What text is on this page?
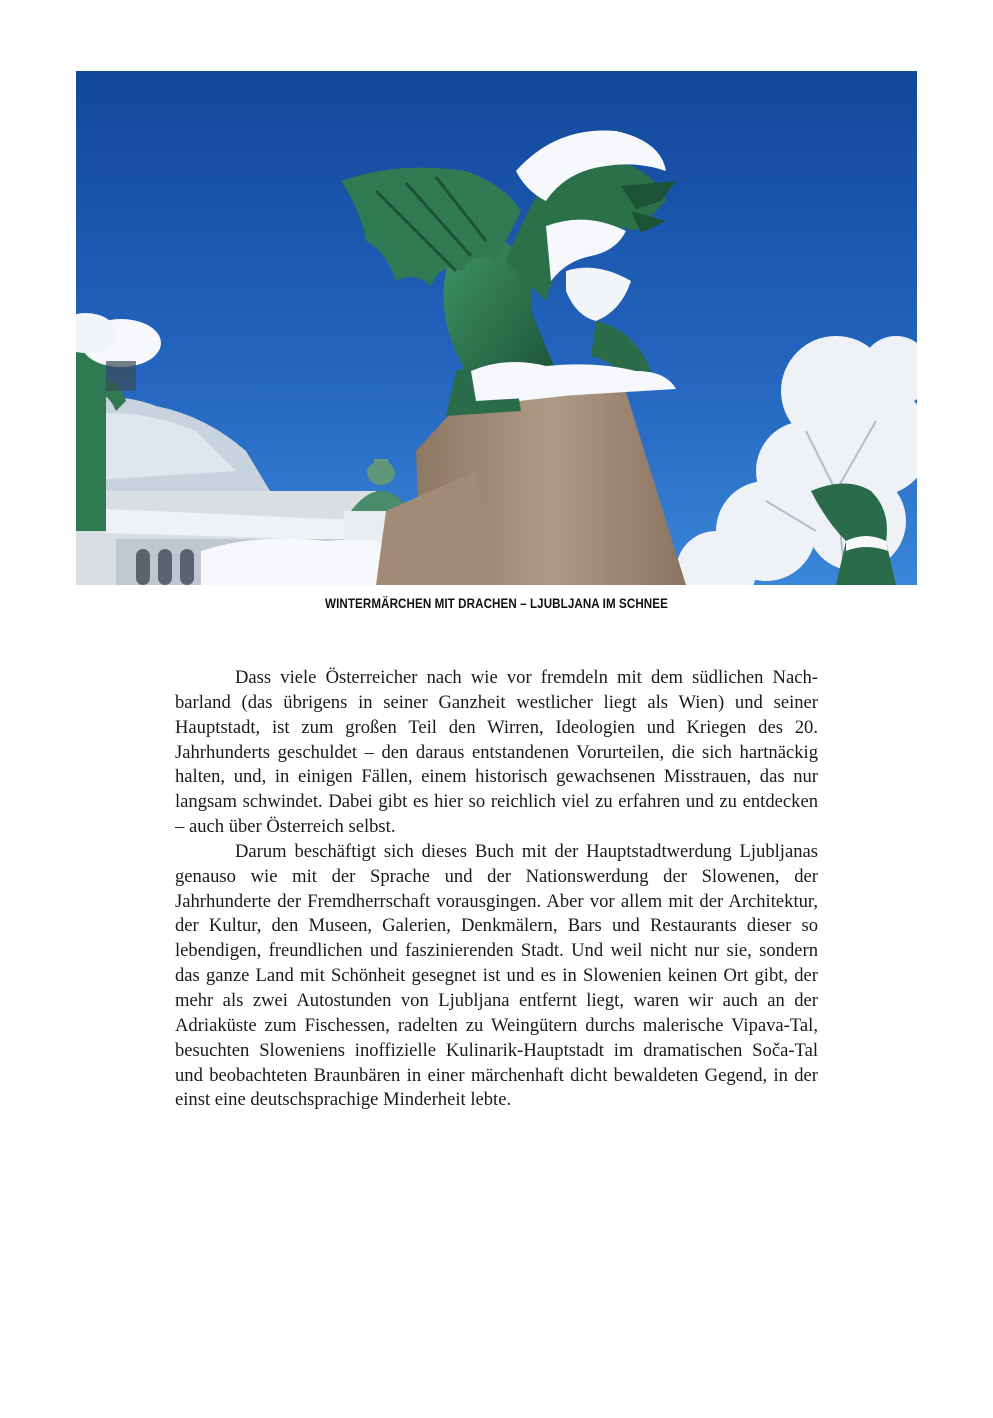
WINTERMÄRCHEN MIT DRACHEN – LJUBLJANA IM SCHNEE

Dass viele Österreicher nach wie vor fremdeln mit dem südlichen Nachbarland (das übrigens in seiner Ganzheit westlicher liegt als Wien) und seiner Hauptstadt, ist zum großen Teil den Wirren, Ideologien und Kriegen des 20. Jahrhunderts geschuldet – den daraus entstandenen Vorurteilen, die sich hartnäckig halten, und, in einigen Fällen, einem historisch gewachsenen Misstrauen, das nur langsam schwindet. Dabei gibt es hier so reichlich viel zu erfahren und zu entdecken – auch über Österreich selbst.

Darum beschäftigt sich dieses Buch mit der Hauptstadtwerdung Ljubljanas genauso wie mit der Sprache und der Nationswerdung der Slowenen, der Jahrhunderte der Fremdherrschaft vorausgingen. Aber vor allem mit der Architektur, der Kultur, den Museen, Galerien, Denkmälern, Bars und Restaurants dieser so lebendigen, freundlichen und faszinierenden Stadt. Und weil nicht nur sie, sondern das ganze Land mit Schönheit gesegnet ist und es in Slowenien keinen Ort gibt, der mehr als zwei Autostunden von Ljubljana entfernt liegt, waren wir auch an der Adriaküste zum Fischessen, radelten zu Weingütern durchs malerische Vipava-Tal, besuchten Sloweniens inoffizielle Kulinarik-Hauptstadt im dramatischen Soča-Tal und beobachteten Braunbären in einer märchenhaft dicht bewaldeten Gegend, in der einst eine deutschsprachige Minderheit lebte.
